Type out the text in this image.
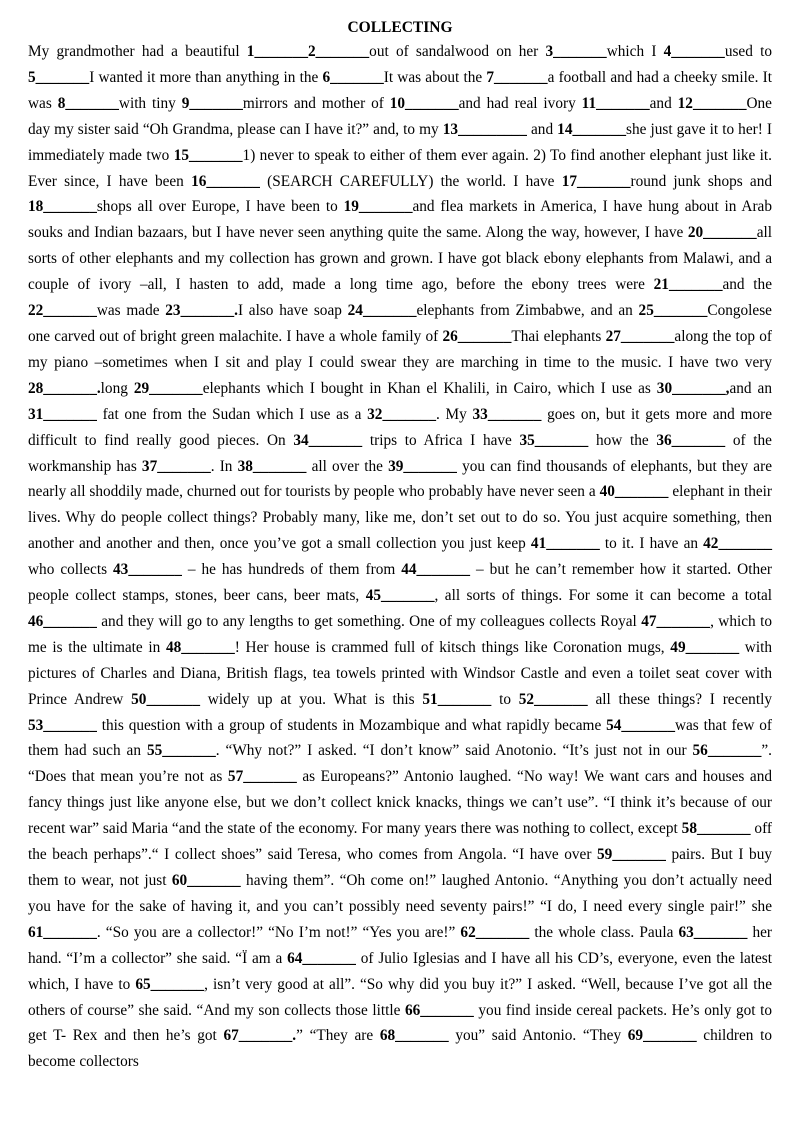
COLLECTING

My grandmother had a beautiful 1_______2_______out of sandalwood on her 3_______which I 4_______used to 5_______I wanted it more than anything in the 6_______It was about the 7_______a football and had a cheeky smile. It was 8_______with tiny 9_______mirrors and mother of 10_______and had real ivory 11_______and 12_______One day my sister said “Oh Grandma, please can I have it?” and, to my 13_________ and 14_______she just gave it to her! I immediately made two 15_______1) never to speak to either of them ever again. 2) To find another elephant just like it. Ever since, I have been 16_______ (SEARCH CAREFULLY) the world. I have 17_______round junk shops and 18_______shops all over Europe, I have been to 19_______and flea markets in America, I have hung about in Arab souks and Indian bazaars, but I have never seen anything quite the same. Along the way, however, I have 20_______all sorts of other elephants and my collection has grown and grown. I have got black ebony elephants from Malawi, and a couple of ivory –all, I hasten to add, made a long time ago, before the ebony trees were 21_______and the 22_______was made 23_______.I also have soap 24_______elephants from Zimbabwe, and an 25_______Congolese one carved out of bright green malachite. I have a whole family of 26_______Thai elephants 27_______along the top of my piano –sometimes when I sit and play I could swear they are marching in time to the music. I have two very 28_______.long 29_______elephants which I bought in Khan el Khalili, in Cairo, which I use as 30_______,and an 31_______ fat one from the Sudan which I use as a 32_______. My 33_______ goes on, but it gets more and more difficult to find really good pieces. On 34_______ trips to Africa I have 35_______ how the 36_______ of the workmanship has 37_______. In 38_______ all over the 39_______ you can find thousands of elephants, but they are nearly all shoddily made, churned out for tourists by people who probably have never seen a 40_______ elephant in their lives. Why do people collect things? Probably many, like me, don’t set out to do so. You just acquire something, then another and another and then, once you’ve got a small collection you just keep 41_______ to it. I have an 42_______ who collects 43_______ – he has hundreds of them from 44_______ – but he can’t remember how it started. Other people collect stamps, stones, beer cans, beer mats, 45_______, all sorts of things. For some it can become a total 46_______ and they will go to any lengths to get something. One of my colleagues collects Royal 47_______, which to me is the ultimate in 48_______! Her house is crammed full of kitsch things like Coronation mugs, 49_______ with pictures of Charles and Diana, British flags, tea towels printed with Windsor Castle and even a toilet seat cover with Prince Andrew 50_______ widely up at you. What is this 51_______ to 52_______ all these things? I recently 53_______ this question with a group of students in Mozambique and what rapidly became 54_______was that few of them had such an 55_______. “Why not?” I asked. “I don’t know” said Anotonio. “It’s just not in our 56_______”. “Does that mean you’re not as 57_______ as Europeans?” Antonio laughed. “No way! We want cars and houses and fancy things just like anyone else, but we don’t collect knick knacks, things we can’t use”. “I think it’s because of our recent war” said Maria “and the state of the economy. For many years there was nothing to collect, except 58_______ off the beach perhaps”.“ I collect shoes” said Teresa, who comes from Angola. “I have over 59_______ pairs. But I buy them to wear, not just 60_______ having them”. “Oh come on!” laughed Antonio. “Anything you don’t actually need you have for the sake of having it, and you can’t possibly need seventy pairs!” “I do, I need every single pair!” she 61_______. “So you are a collector!” “No I’m not!” “Yes you are!” 62_______ the whole class. Paula 63_______ her hand. “I’m a collector” she said. “Ï am a 64_______ of Julio Iglesias and I have all his CD’s, everyone, even the latest which, I have to 65_______, isn’t very good at all”. “So why did you buy it?” I asked. “Well, because I’ve got all the others of course” she said. “And my son collects those little 66_______ you find inside cereal packets. He’s only got to get T- Rex and then he’s got 67_______.” “They are 68_______ you” said Antonio. “They 69_______ children to become collectors
